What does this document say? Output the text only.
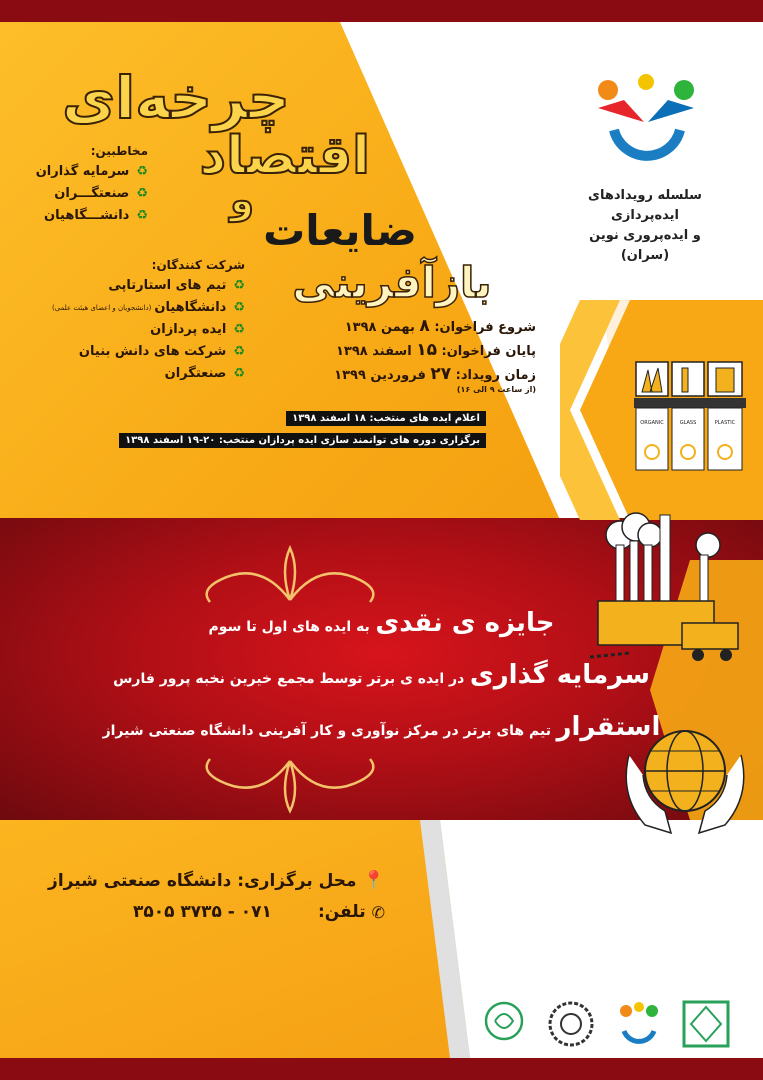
سلسله رویدادهای ایده‌پردازی
و ایده‌پروری نوین
(سران)
چرخه‌ای
اقتصاد
و
ضایعات
بازآفرینی
مخاطبین:
♻
سرمایه گذاران
♻
صنعتگـــران
♻
دانشـــگاهیان
شرکت کنندگان:
♻
تیم های استارتاپی
♻
دانشگاهیان
(دانشجویان و اعضای هیئت علمی)
♻
ایده پردازان
♻
شرکت های دانش بنیان
♻
صنعتگران
شروع فراخوان: ۸ بهمن ۱۳۹۸
پایان فراخوان: ۱۵ اسفند ۱۳۹۸
زمان رویداد: ۲۷ فروردین ۱۳۹۹
(از ساعت ۹ الی ۱۶)
اعلام ایده های منتخب: ۱۸ اسفند ۱۳۹۸
برگزاری دوره های توانمند سازی ایده پردازان منتخب: ۲۰-۱۹ اسفند ۱۳۹۸
ORGANIC	GLASS	PLASTIC
جایزه ی نقدی به ایده های اول تا سوم
سرمایه گذاری در ایده ی برتر توسط مجمع خیرین نخبه پرور فارس
استقرار تیم های برتر در مرکز نوآوری و کار آفرینی دانشگاه صنعتی شیراز
📍
محل برگزاری: دانشگاه صنعتی شیراز
✆
تلفن:
۰۷۱ - ۳۷۳۵ ۳۵۰۵
